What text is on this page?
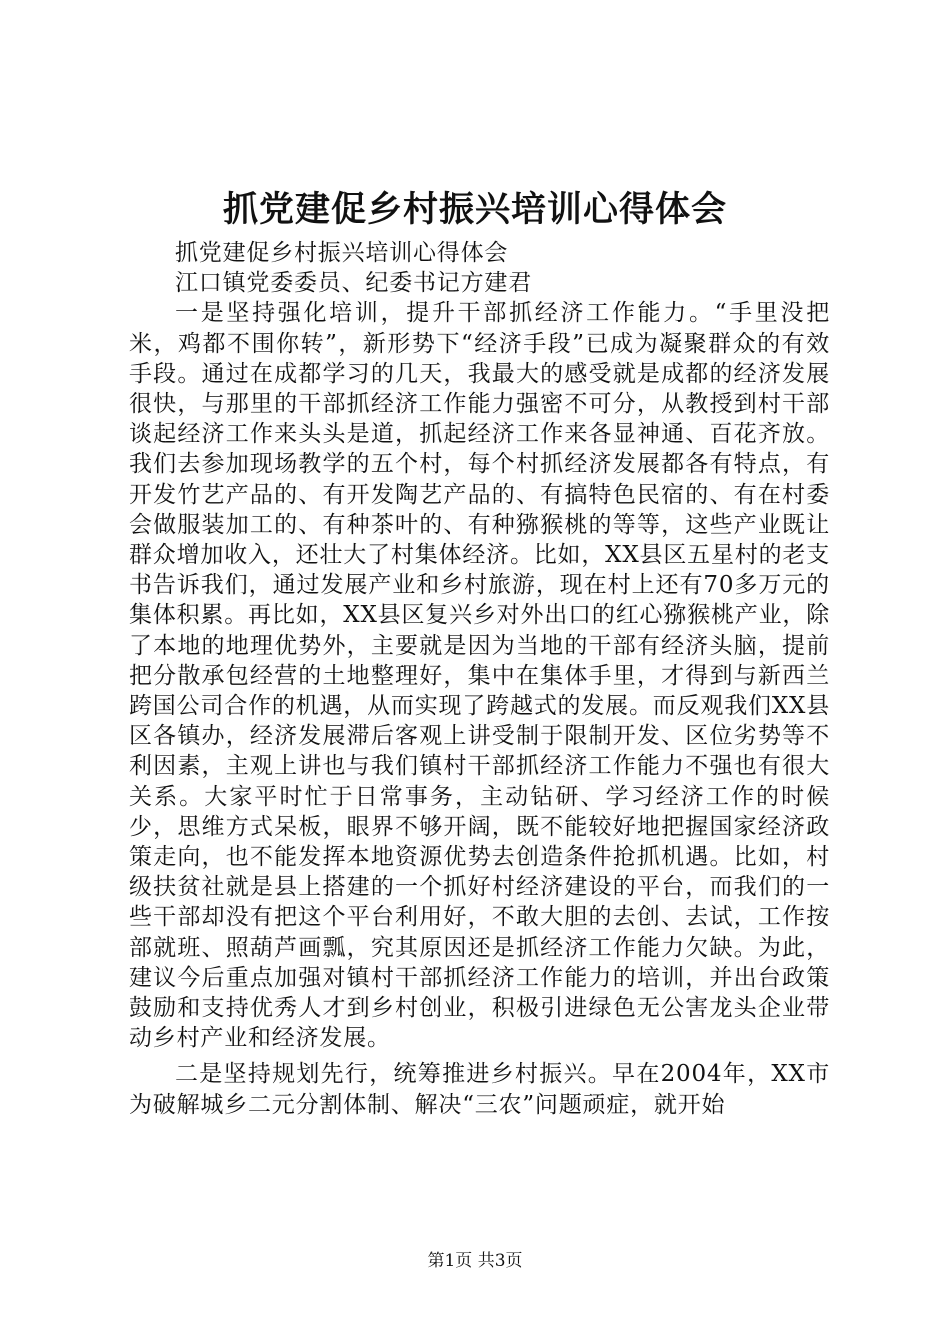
抓党建促乡村振兴培训心得体会

抓党建促乡村振兴培训心得体会

江口镇党委委员、纪委书记方建君

一是坚持强化培训，提升干部抓经济工作能力。“手里没把米，鸡都不围你转”，新形势下“经济手段”已成为凝聚群众的有效手段。通过在成都学习的几天，我最大的感受就是成都的经济发展很快，与那里的干部抓经济工作能力强密不可分，从教授到村干部谈起经济工作来头头是道，抓起经济工作来各显神通、百花齐放。我们去参加现场教学的五个村，每个村抓经济发展都各有特点，有开发竹艺产品的、有开发陶艺产品的、有搞特色民宿的、有在村委会做服装加工的、有种茶叶的、有种猕猴桃的等等，这些产业既让群众增加收入，还壮大了村集体经济。比如，XX县区五星村的老支书告诉我们，通过发展产业和乡村旅游，现在村上还有70多万元的集体积累。再比如，XX县区复兴乡对外出口的红心猕猴桃产业，除了本地的地理优势外，主要就是因为当地的干部有经济头脑，提前把分散承包经营的土地整理好，集中在集体手里，才得到与新西兰跨国公司合作的机遇，从而实现了跨越式的发展。而反观我们XX县区各镇办，经济发展滞后客观上讲受制于限制开发、区位劣势等不利因素，主观上讲也与我们镇村干部抓经济工作能力不强也有很大关系。大家平时忙于日常事务，主动钻研、学习经济工作的时候少，思维方式呆板，眼界不够开阔，既不能较好地把握国家经济政策走向，也不能发挥本地资源优势去创造条件抢抓机遇。比如，村级扶贫社就是县上搭建的一个抓好村经济建设的平台，而我们的一些干部却没有把这个平台利用好，不敢大胆的去创、去试，工作按部就班、照葫芦画瓢，究其原因还是抓经济工作能力欠缺。为此，建议今后重点加强对镇村干部抓经济工作能力的培训，并出台政策鼓励和支持优秀人才到乡村创业，积极引进绿色无公害龙头企业带动乡村产业和经济发展。

二是坚持规划先行，统筹推进乡村振兴。早在2004年，XX市为破解城乡二元分割体制、解决“三农”问题顽症，就开始

第1页 共3页
